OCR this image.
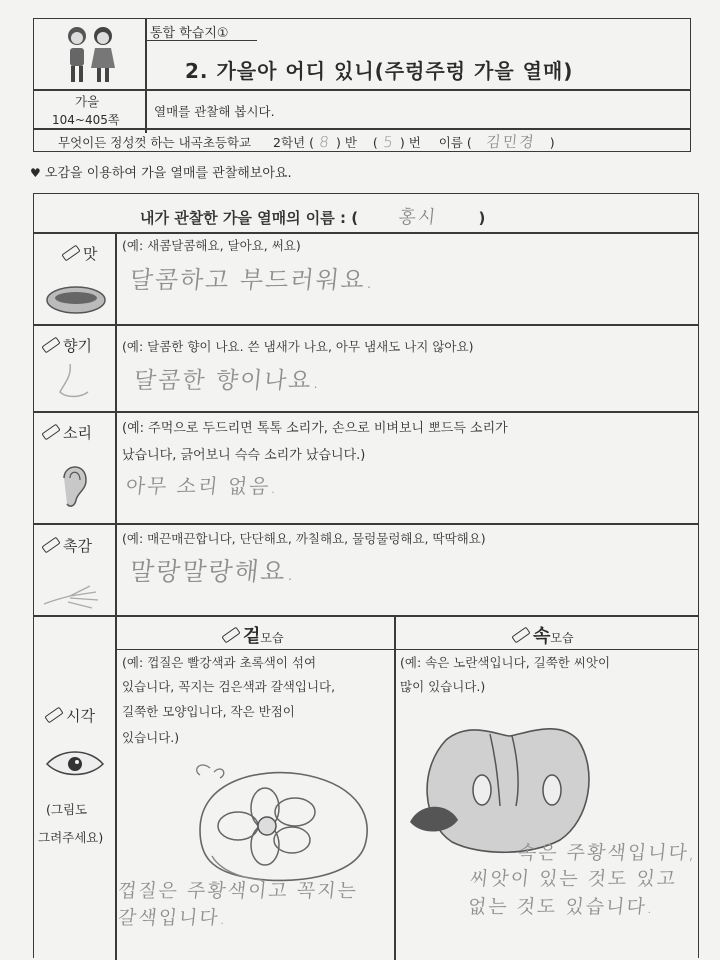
통합 학습지①
2. 가을아 어디 있니(주렁주렁 가을 열매)
가을
104~405쪽
열매를 관찰해 봅시다.
무엇이든 정성껏 하는 내곡초등학교 2학년 ( 8 ) 반 ( 5 ) 번 이름 ( 김민경 )
♥ 오감을 이용하여 가을 열매를 관찰해보아요.
내가 관찰한 가을 열매의 이름 : ( 홍시	)
맛 (예: 새콤달콤해요, 달아요, 써요)
달콤하고 부드러워요.
향기 (예: 달콤한 향이 나요. 쓴 냄새가 나요, 아무 냄새도 나지 않아요)
달콤한 향이나요.
소리 (예: 주먹으로 두드리면 톡톡 소리가, 손으로 비벼보니 뽀드득 소리가
났습니다, 긁어보니 슥슥 소리가 났습니다.)
아무 소리 없음.
촉감 (예: 매끈매끈합니다, 단단해요, 까칠해요, 물렁물렁해요, 딱딱해요)
말랑말랑해요.
시각
(그림도
그려주세요)
겉모습
(예: 껍질은 빨강색과 초록색이 섞여
있습니다, 꼭지는 검은색과 갈색입니다,
길쭉한 모양입니다, 작은 반점이
있습니다.)
껍질은 주황색이고 꼭지는
갈색입니다.
속모습
(예: 속은 노란색입니다, 길쭉한 씨앗이
많이 있습니다.)
속은 주황색입니다,
씨앗이 있는 것도 있고
없는 것도 있습니다.
